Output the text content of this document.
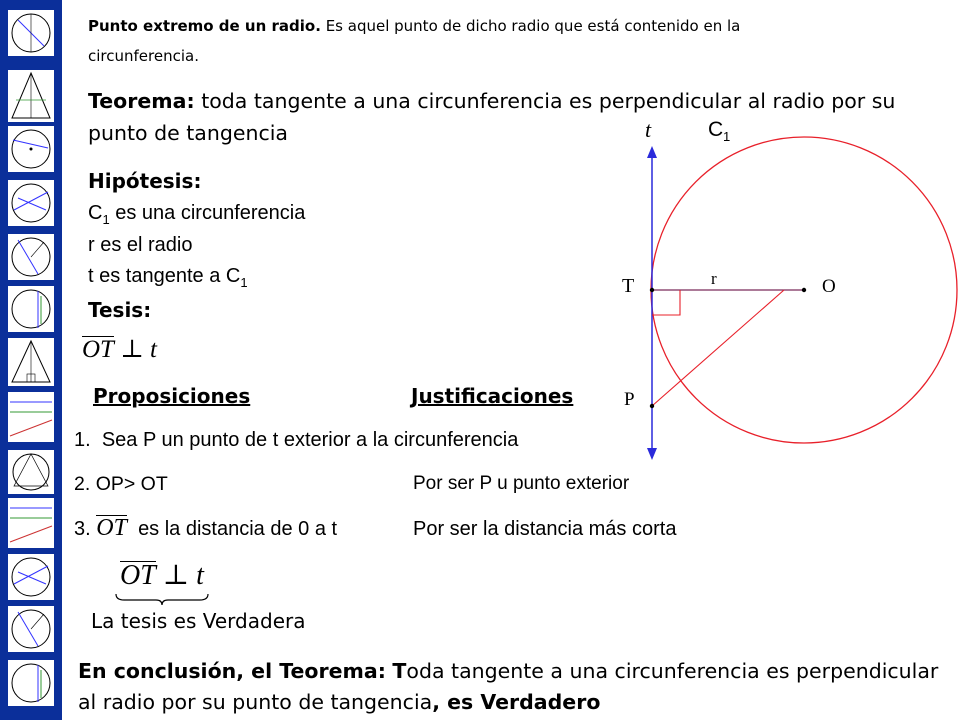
Punto extremo de un radio. Es aquel punto de dicho radio que está contenido en la
circunferencia.
Teorema: toda tangente a una circunferencia es perpendicular al radio por su
punto de tangencia
Hipótesis:
$C_1$ es una circunferencia
r es el radio
t es tangente a $C_1$
Tesis:
OT ⊥ t
Proposiciones	Justificaciones
1. Sea P un punto de t exterior a la circunferencia
2. OP> OT	Por ser P u punto exterior
3. OT es la distancia de 0 a t	Por ser la distancia más corta
OT ⊥ t
La tesis es Verdadera
En conclusión, el Teorema: Toda tangente a una circunferencia es perpendicular
al radio por su punto de tangencia, es Verdadero
t	C 1
T	r	O
P
